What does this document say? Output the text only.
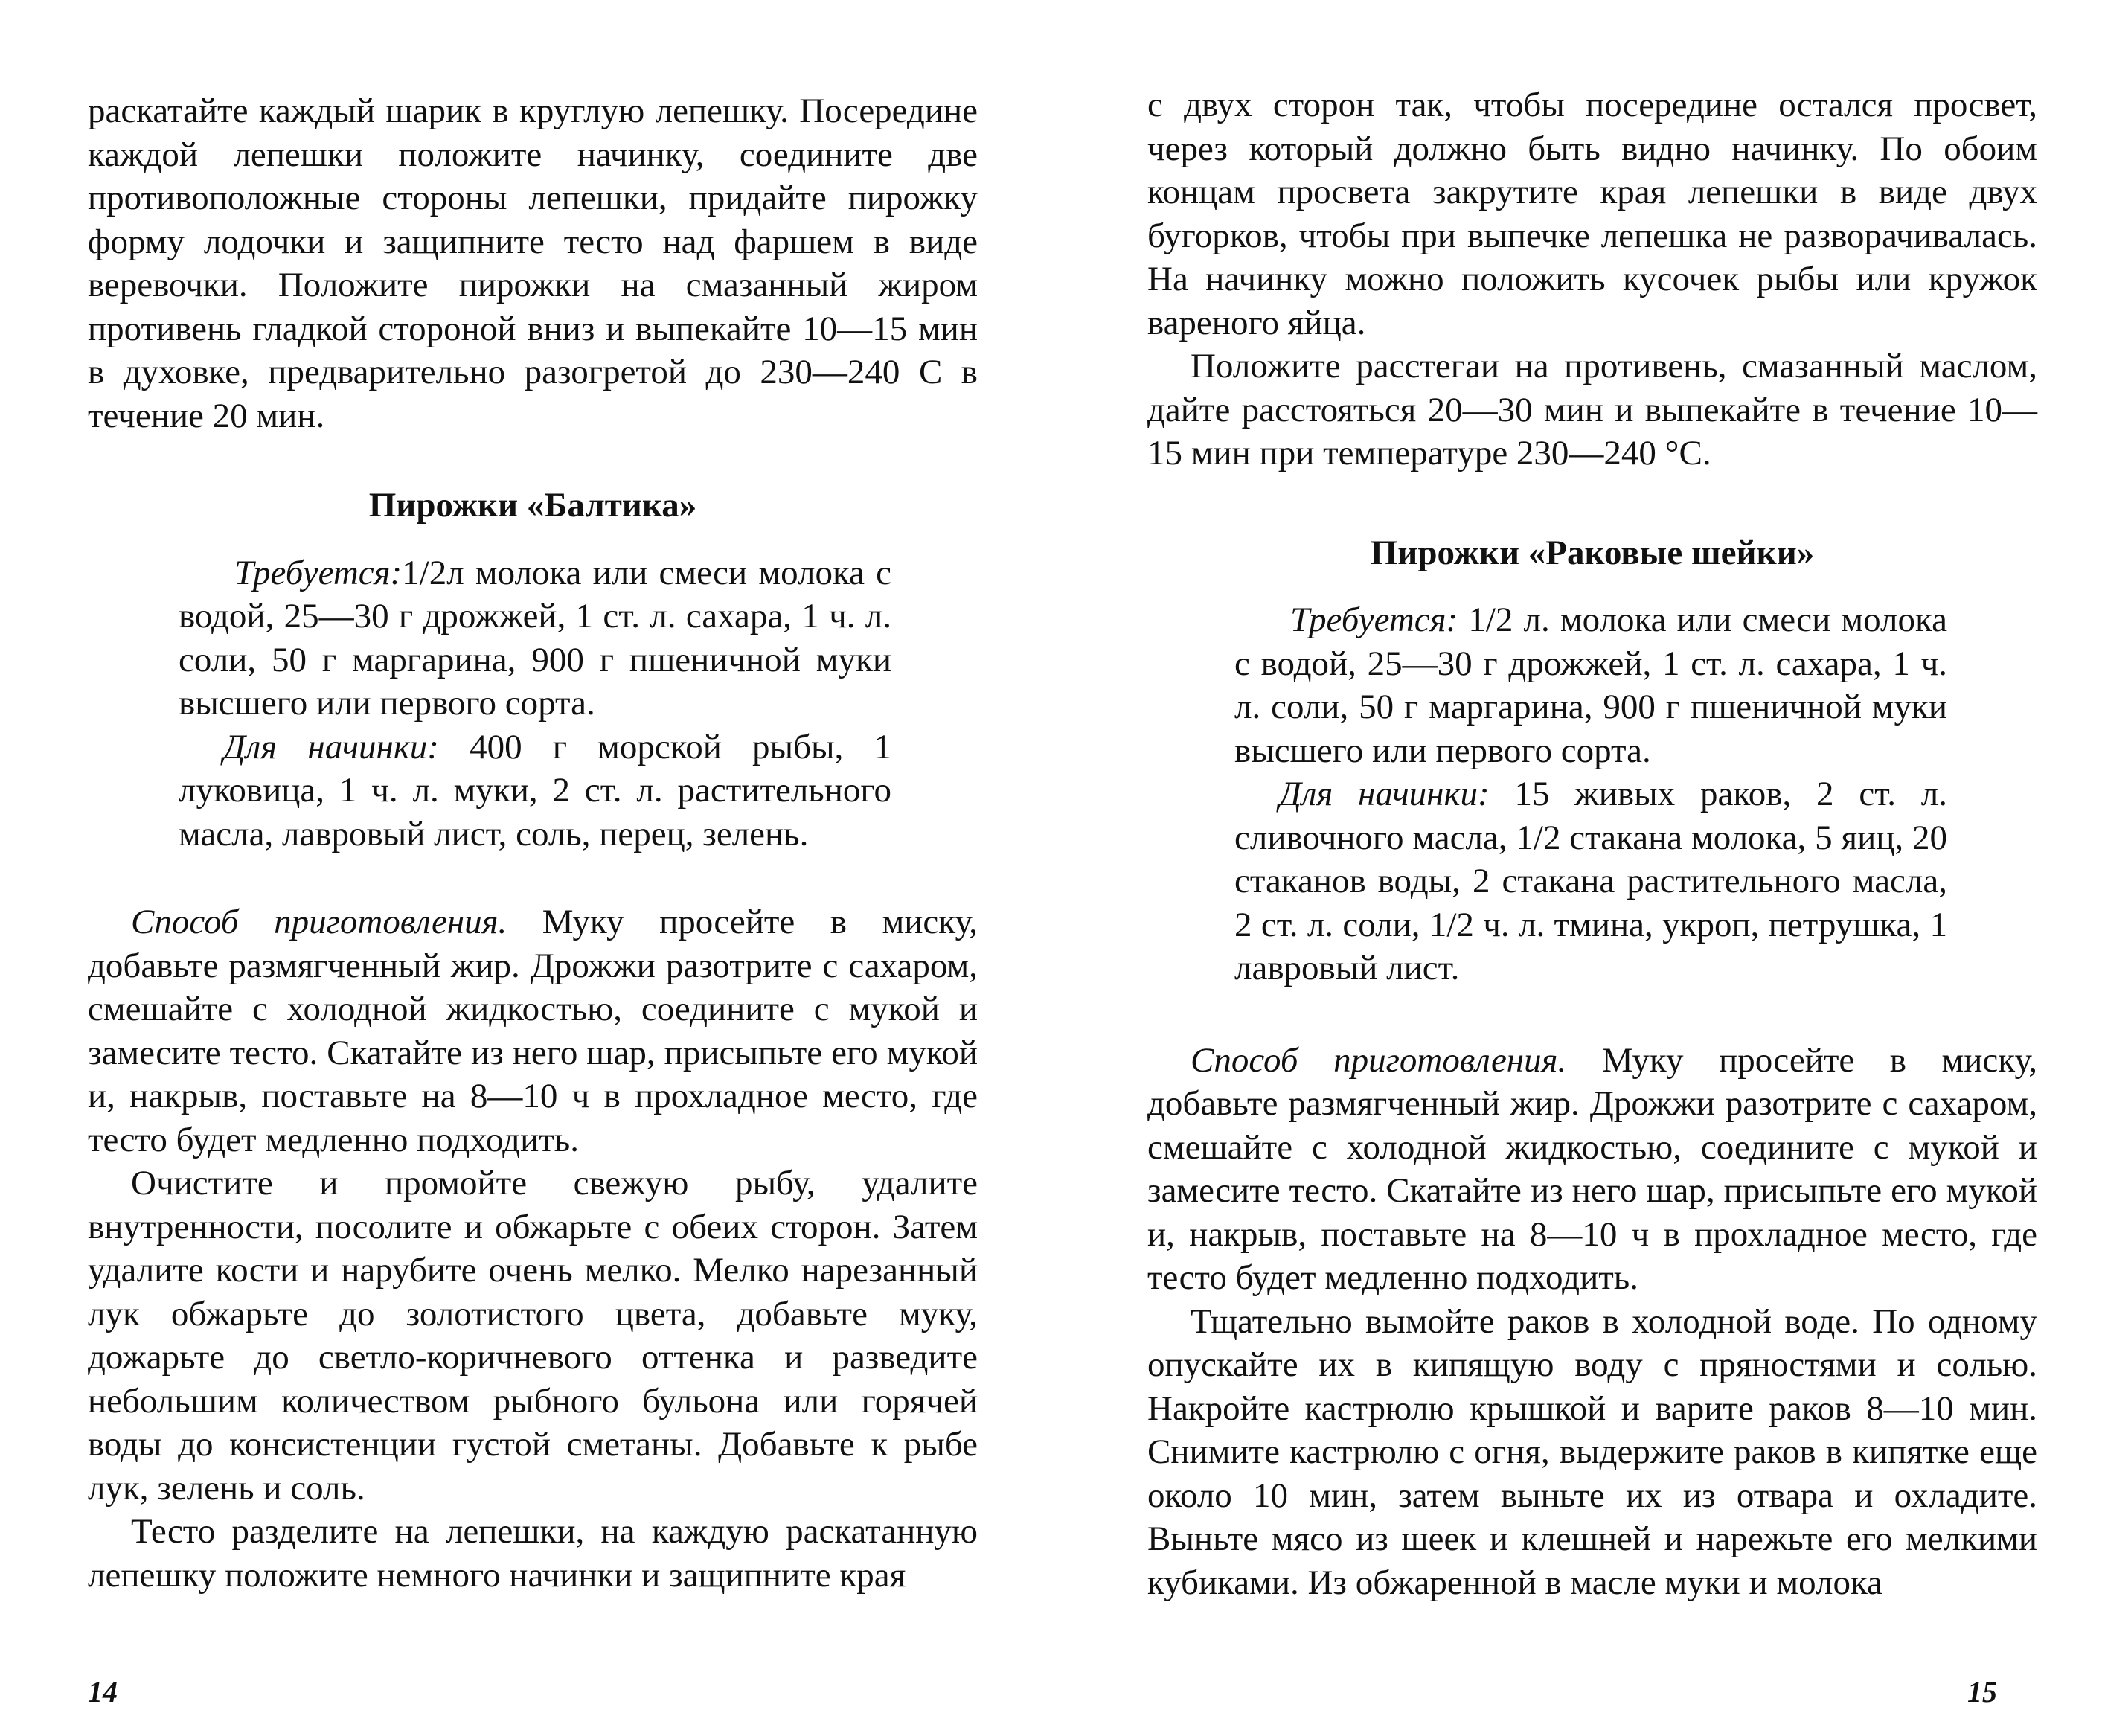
раскатайте каждый шарик в круглую лепешку. Посередине каждой лепешки положите начинку, соедините две противоположные стороны лепешки, придайте пирожку форму лодочки и защипните тесто над фаршем в виде веревочки. Положите пирожки на смазанный жиром противень гладкой стороной вниз и выпекайте 10—15 мин в духовке, предварительно разогретой до 230—240 С в течение 20 мин.

Пирожки «Балтика»

Требуется:1/2л молока или смеси молока с водой, 25—30 г дрожжей, 1 ст. л. сахара, 1 ч. л. соли, 50 г маргарина, 900 г пшеничной муки высшего или первого сорта.

Для начинки: 400 г морской рыбы, 1 луковица, 1 ч. л. муки, 2 ст. л. растительного масла, лавровый лист, соль, перец, зелень.

Способ приготовления. Муку просейте в миску, добавьте размягченный жир. Дрожжи разотрите с сахаром, смешайте с холодной жидкостью, соедините с мукой и замесите тесто. Скатайте из него шар, присыпьте его мукой и, накрыв, поставьте на 8—10 ч в прохладное место, где тесто будет медленно подходить.

Очистите и промойте свежую рыбу, удалите внутренности, посолите и обжарьте с обеих сторон. Затем удалите кости и нарубите очень мелко. Мелко нарезанный лук обжарьте до золотистого цвета, добавьте муку, дожарьте до светло-коричневого оттенка и разведите небольшим количеством рыбного бульона или горячей воды до консистенции густой сметаны. Добавьте к рыбе лук, зелень и соль.

Тесто разделите на лепешки, на каждую раскатанную лепешку положите немного начинки и защипните края

14

с двух сторон так, чтобы посередине остался просвет, через который должно быть видно начинку. По обоим концам просвета закрутите края лепешки в виде двух бугорков, чтобы при выпечке лепешка не разворачивалась. На начинку можно положить кусочек рыбы или кружок вареного яйца.

Положите расстегаи на противень, смазанный маслом, дайте расстояться 20—30 мин и выпекайте в течение 10—15 мин при температуре 230—240 °С.

Пирожки «Раковые шейки»

Требуется: 1/2 л. молока или смеси молока с водой, 25—30 г дрожжей, 1 ст. л. сахара, 1 ч. л. соли, 50 г маргарина, 900 г пшеничной муки высшего или первого сорта.

Для начинки: 15 живых раков, 2 ст. л. сливочного масла, 1/2 стакана молока, 5 яиц, 20 стаканов воды, 2 стакана растительного масла, 2 ст. л. соли, 1/2 ч. л. тмина, укроп, петрушка, 1 лавровый лист.

Способ приготовления. Муку просейте в миску, добавьте размягченный жир. Дрожжи разотрите с сахаром, смешайте с холодной жидкостью, соедините с мукой и замесите тесто. Скатайте из него шар, присыпьте его мукой и, накрыв, поставьте на 8—10 ч в прохладное место, где тесто будет медленно подходить.

Тщательно вымойте раков в холодной воде. По одному опускайте их в кипящую воду с пряностями и солью. Накройте кастрюлю крышкой и варите раков 8—10 мин. Снимите кастрюлю с огня, выдержите раков в кипятке еще около 10 мин, затем выньте их из отвара и охладите. Выньте мясо из шеек и клешней и нарежьте его мелкими кубиками. Из обжаренной в масле муки и молока

15
